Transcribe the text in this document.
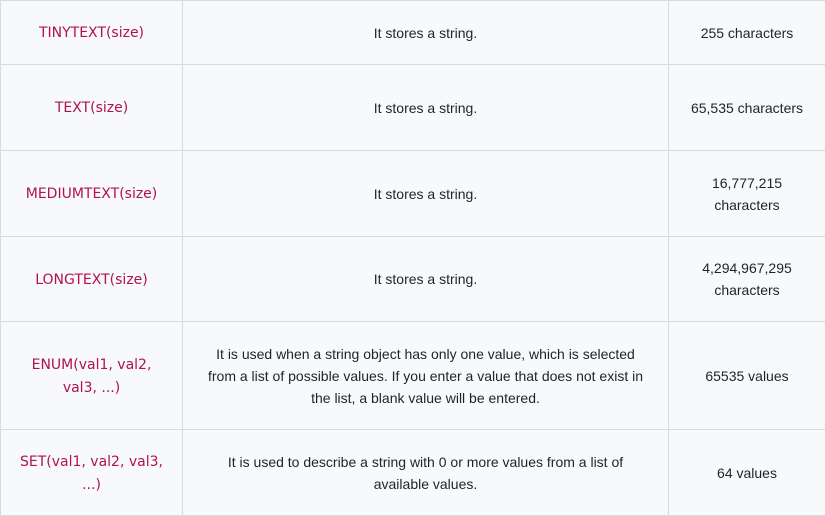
TINYTEXT(size)	It stores a string.	255 characters
TEXT(size)	It stores a string.	65,535 characters
MEDIUMTEXT(size)	It stores a string.	16,777,215 characters
LONGTEXT(size)	It stores a string.	4,294,967,295 characters
ENUM(val1, val2, val3, ...)	It is used when a string object has only one value, which is selected from a list of possible values. If you enter a value that does not exist in the list, a blank value will be entered.	65535 values
SET(val1, val2, val3, ...)	It is used to describe a string with 0 or more values from a list of available values.	64 values
